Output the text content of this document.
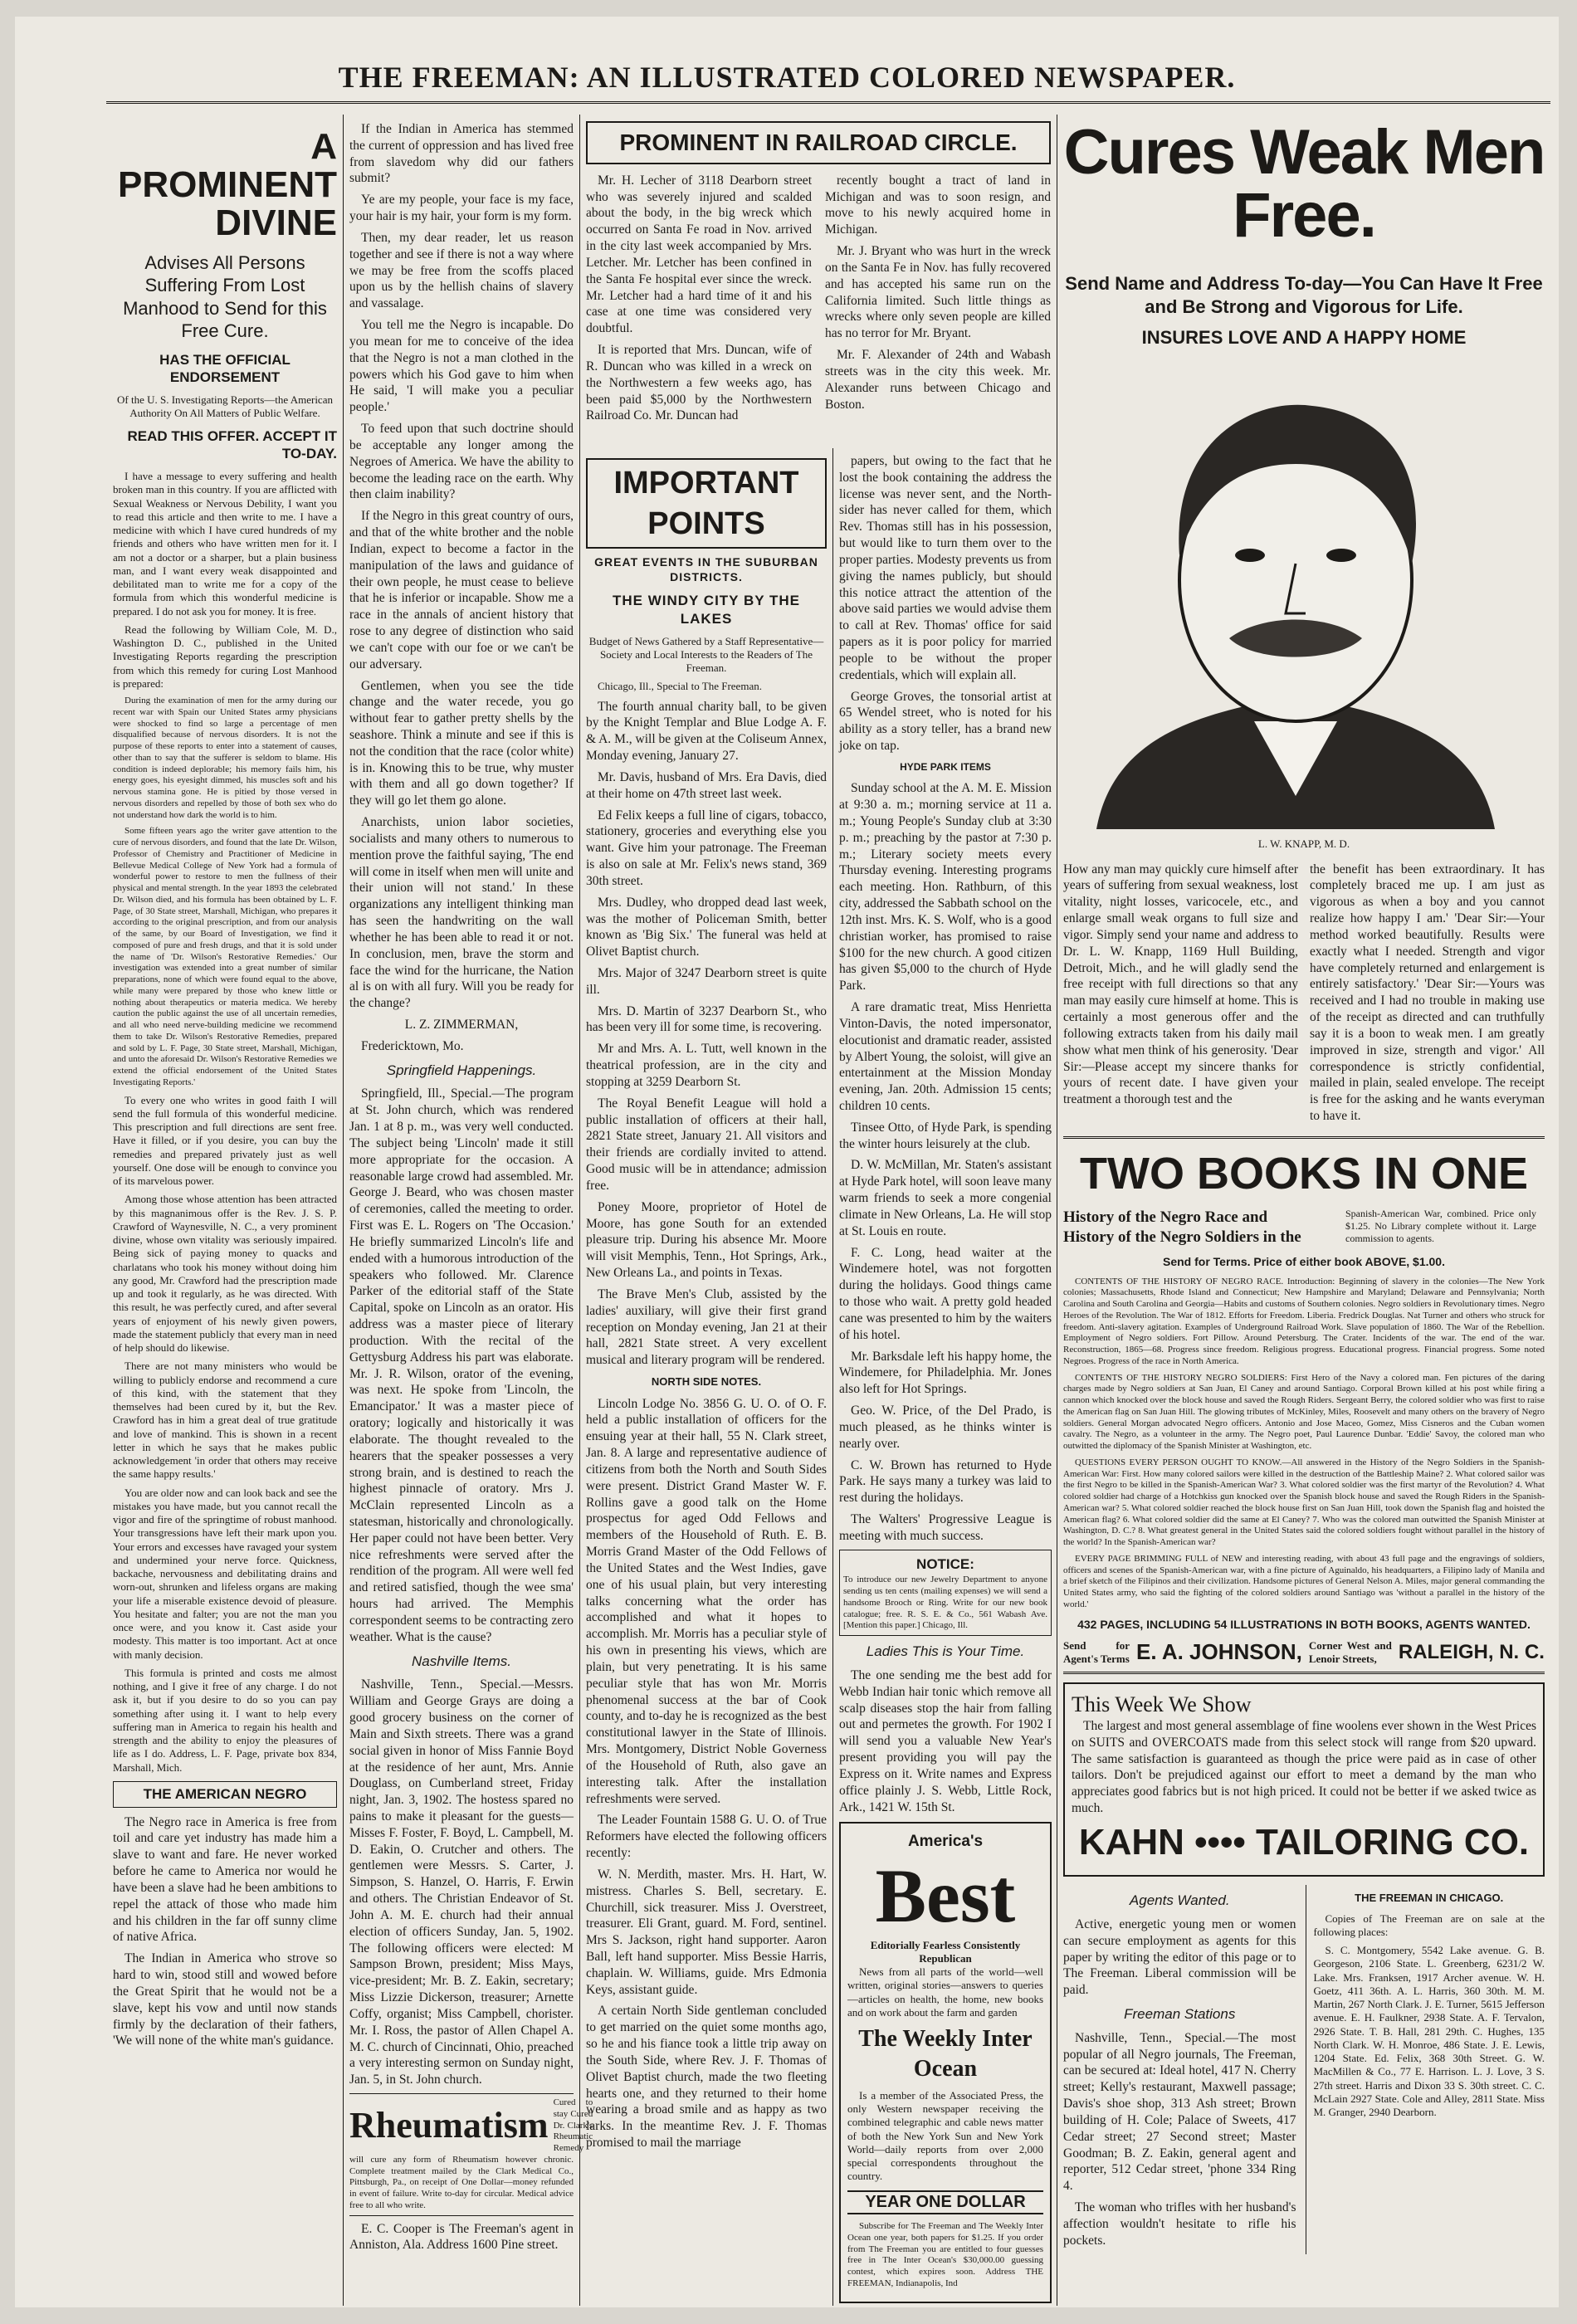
THE FREEMAN: AN ILLUSTRATED COLORED NEWSPAPER.
A PROMINENT DIVINE
Advises All Persons Suffering From Lost Manhood to Send for this Free Cure.
HAS THE OFFICIAL ENDORSEMENT

Of the U. S. Investigating Reports—the American Authority On All Matters of Public Welfare.

READ THIS OFFER. ACCEPT IT TO-DAY.

I have a message to every suffering and health broken man in this country. If you are afflicted with Sexual Weakness or Nervous Debility, I want you to read this article and then write to me. I have a medicine with which I have cured hundreds of my friends and others who have written men for it. I am not a doctor or a sharper, but a plain business man, and I want every weak disappointed and debilitated man to write me for a copy of the formula from which this wonderful medicine is prepared. I do not ask you for money. It is free.

Read the following by William Cole, M. D., Washington D. C., published in the United Investigating Reports regarding the prescription from which this remedy for curing Lost Manhood is prepared:

During the examination of men for the army during our recent war with Spain our United States army physicians were shocked to find so large a percentage of men disqualified because of nervous disorders. It is not the purpose of these reports to enter into a statement of causes, other than to say that the sufferer is seldom to blame. His condition is indeed deplorable; his memory fails him, his energy goes, his eyesight dimmed, his muscles soft and his nervous stamina gone. He is pitied by those versed in nervous disorders and repelled by those of both sex who do not understand how dark the world is to him.

Some fifteen years ago the writer gave attention to the cure of nervous disorders, and found that the late Dr. Wilson, Professor of Chemistry and Practitioner of Medicine in Bellevue Medical College of New York had a formula of wonderful power to restore to men the fullness of their physical and mental strength. In the year 1893 the celebrated Dr. Wilson died, and his formula has been obtained by L. F. Page, of 30 State street, Marshall, Michigan, who prepares it according to the original prescription, and from our analysis of the same, by our Board of Investigation, we find it composed of pure and fresh drugs, and that it is sold under the name of 'Dr. Wilson's Restorative Remedies.' Our investigation was extended into a great number of similar preparations, none of which were found equal to the above, while many were prepared by those who knew little or nothing about therapeutics or materia medica. We hereby caution the public against the use of all uncertain remedies, and all who need nerve-building medicine we recommend them to take Dr. Wilson's Restorative Remedies, prepared and sold by L. F. Page, 30 State street, Marshall, Michigan, and unto the aforesaid Dr. Wilson's Restorative Remedies we extend the official endorsement of the United States Investigating Reports.'

To every one who writes in good faith I will send the full formula of this wonderful medicine. This prescription and full directions are sent free. Have it filled, or if you desire, you can buy the remedies and prepared privately just as well yourself. One dose will be enough to convince you of its marvelous power.

Among those whose attention has been attracted by this magnanimous offer is the Rev. J. S. P. Crawford of Waynesville, N. C., a very prominent divine, whose own vitality was seriously impaired. Being sick of paying money to quacks and charlatans who took his money without doing him any good, Mr. Crawford had the prescription made up and took it regularly, as he was directed. With this result, he was perfectly cured, and after several years of enjoyment of his newly given powers, made the statement publicly that every man in need of help should do likewise.

There are not many ministers who would be willing to publicly endorse and recommend a cure of this kind, with the statement that they themselves had been cured by it, but the Rev. Crawford has in him a great deal of true gratitude and love of mankind. This is shown in a recent letter in which he says that he makes public acknowledgement 'in order that others may receive the same happy results.'

You are older now and can look back and see the mistakes you have made, but you cannot recall the vigor and fire of the springtime of robust manhood. Your transgressions have left their mark upon you. Your errors and excesses have ravaged your system and undermined your nerve force. Quickness, backache, nervousness and debilitating drains and worn-out, shrunken and lifeless organs are making your life a miserable existence devoid of pleasure. You hesitate and falter; you are not the man you once were, and you know it. Cast aside your modesty. This matter is too important. Act at once with manly decision.

This formula is printed and costs me almost nothing, and I give it free of any charge. I do not ask it, but if you desire to do so you can pay something after using it. I want to help every suffering man in America to regain his health and strength and the ability to enjoy the pleasures of life as I do. Address, L. F. Page, private box 834, Marshall, Mich.

THE AMERICAN NEGRO

The Negro race in America is free from toil and care yet industry has made him a slave to want and fare. He never worked before he came to America nor would he have been a slave had he been ambitions to repel the attack of those who made him and his children in the far off sunny clime of native Africa.

The Indian in America who strove so hard to win, stood still and wowed before the Great Spirit that he would not be a slave, kept his vow and until now stands firmly by the declaration of their fathers, 'We will none of the white man's guidance.

If the Indian in America has stemmed the current of oppression and has lived free from slavedom why did our fathers submit?

Ye are my people, your face is my face, your hair is my hair, your form is my form.

Then, my dear reader, let us reason together and see if there is not a way where we may be free from the scoffs placed upon us by the hellish chains of slavery and vassalage.

You tell me the Negro is incapable. Do you mean for me to conceive of the idea that the Negro is not a man clothed in the powers which his God gave to him when He said, 'I will make you a peculiar people.'

To feed upon that such doctrine should be acceptable any longer among the Negroes of America. We have the ability to become the leading race on the earth. Why then claim inability?

If the Negro in this great country of ours, and that of the white brother and the noble Indian, expect to become a factor in the manipulation of the laws and guidance of their own people, he must cease to believe that he is inferior or incapable. Show me a race in the annals of ancient history that rose to any degree of distinction who said we can't cope with our foe or we can't be our adversary.

Gentlemen, when you see the tide change and the water recede, you go without fear to gather pretty shells by the seashore. Think a minute and see if this is not the condition that the race (color white) is in. Knowing this to be true, why muster with them and all go down together? If they will go let them go alone.

Anarchists, union labor societies, socialists and many others to numerous to mention prove the faithful saying, 'The end will come in itself when men will unite and their union will not stand.' In these organizations any intelligent thinking man has seen the handwriting on the wall whether he has been able to read it or not. In conclusion, men, brave the storm and face the wind for the hurricane, the Nation al is on with all fury. Will you be ready for the change?

L. Z. ZIMMERMAN,

Fredericktown, Mo.

Springfield Happenings.

Springfield, Ill., Special.—The program at St. John church, which was rendered Jan. 1 at 8 p. m., was very well conducted. The subject being 'Lincoln' made it still more appropriate for the occasion. A reasonable large crowd had assembled. Mr. George J. Beard, who was chosen master of ceremonies, called the meeting to order. First was E. L. Rogers on 'The Occasion.' He briefly summarized Lincoln's life and ended with a humorous introduction of the speakers who followed. Mr. Clarence Parker of the editorial staff of the State Capital, spoke on Lincoln as an orator. His address was a master piece of literary production. With the recital of the Gettysburg Address his part was elaborate. Mr. J. R. Wilson, orator of the evening, was next. He spoke from 'Lincoln, the Emancipator.' It was a master piece of oratory; logically and historically it was elaborate. The thought revealed to the hearers that the speaker possesses a very strong brain, and is destined to reach the highest pinnacle of oratory. Mrs J. McClain represented Lincoln as a statesman, historically and chronologically. Her paper could not have been better. Very nice refreshments were served after the rendition of the program. All were well fed and retired satisfied, though the wee sma' hours had arrived. The Memphis correspondent seems to be contracting zero weather. What is the cause?

Nashville Items.

Nashville, Tenn., Special.—Messrs. William and George Grays are doing a good grocery business on the corner of Main and Sixth streets. There was a grand social given in honor of Miss Fannie Boyd at the residence of her aunt, Mrs. Annie Douglass, on Cumberland street, Friday night, Jan. 3, 1902. The hostess spared no pains to make it pleasant for the guests—Misses F. Foster, F. Boyd, L. Campbell, M. D. Eakin, O. Crutcher and others. The gentlemen were Messrs. S. Carter, J. Simpson, S. Hanzel, O. Harris, F. Erwin and others. The Christian Endeavor of St. John A. M. E. church had their annual election of officers Sunday, Jan. 5, 1902. The following officers were elected: M Sampson Brown, president; Miss Mays, vice-president; Mr. B. Z. Eakin, secretary; Miss Lizzie Dickerson, treasurer; Arnette Coffy, organist; Miss Campbell, chorister. Mr. I. Ross, the pastor of Allen Chapel A. M. C. church of Cincinnati, Ohio, preached a very interesting sermon on Sunday night, Jan. 5, in St. John church.

Rheumatism
Cured to stay Cured Dr. Clark's Rheumatic Remedy
will cure any form of Rheumatism however chronic. Complete treatment mailed by the Clark Medical Co., Pittsburgh, Pa., on receipt of One Dollar—money refunded in event of failure. Write to-day for circular. Medical advice free to all who write.

E. C. Cooper is The Freeman's agent in Anniston, Ala. Address 1600 Pine street.

PROMINENT IN RAILROAD CIRCLE.

Mr. H. Lecher of 3118 Dearborn street who was severely injured and scalded about the body, in the big wreck which occurred on Santa Fe road in Nov. arrived in the city last week accompanied by Mrs. Letcher. Mr. Letcher has been confined in the Santa Fe hospital ever since the wreck. Mr. Letcher had a hard time of it and his case at one time was considered very doubtful.

It is reported that Mrs. Duncan, wife of R. Duncan who was killed in a wreck on the Northwestern a few weeks ago, has been paid $5,000 by the Northwestern Railroad Co. Mr. Duncan had

recently bought a tract of land in Michigan and was to soon resign, and move to his newly acquired home in Michigan.

Mr. J. Bryant who was hurt in the wreck on the Santa Fe in Nov. has fully recovered and has accepted his same run on the California limited. Such little things as wrecks where only seven people are killed has no terror for Mr. Bryant.

Mr. F. Alexander of 24th and Wabash streets was in the city this week. Mr. Alexander runs between Chicago and Boston.

IMPORTANT POINTS
GREAT EVENTS IN THE SUBURBAN DISTRICTS.
THE WINDY CITY BY THE LAKES

Budget of News Gathered by a Staff Representative—Society and Local Interests to the Readers of The Freeman.

Chicago, Ill., Special to The Freeman.

The fourth annual charity ball, to be given by the Knight Templar and Blue Lodge A. F. & A. M., will be given at the Coliseum Annex, Monday evening, January 27.

Mr. Davis, husband of Mrs. Era Davis, died at their home on 47th street last week.

Ed Felix keeps a full line of cigars, tobacco, stationery, groceries and everything else you want. Give him your patronage. The Freeman is also on sale at Mr. Felix's news stand, 369 30th street.

Mrs. Dudley, who dropped dead last week, was the mother of Policeman Smith, better known as 'Big Six.' The funeral was held at Olivet Baptist church.

Mrs. Major of 3247 Dearborn street is quite ill.

Mrs. D. Martin of 3237 Dearborn St., who has been very ill for some time, is recovering.

Mr and Mrs. A. L. Tutt, well known in the theatrical profession, are in the city and stopping at 3259 Dearborn St.

The Royal Benefit League will hold a public installation of officers at their hall, 2821 State street, January 21. All visitors and their friends are cordially invited to attend. Good music will be in attendance; admission free.

Poney Moore, proprietor of Hotel de Moore, has gone South for an extended pleasure trip. During his absence Mr. Moore will visit Memphis, Tenn., Hot Springs, Ark., New Orleans La., and points in Texas.

The Brave Men's Club, assisted by the ladies' auxiliary, will give their first grand reception on Monday evening, Jan 21 at their hall, 2821 State street. A very excellent musical and literary program will be rendered.

NORTH SIDE NOTES.

Lincoln Lodge No. 3856 G. U. O. of O. F. held a public installation of officers for the ensuing year at their hall, 55 N. Clark street, Jan. 8. A large and representative audience of citizens from both the North and South Sides were present. District Grand Master W. F. Rollins gave a good talk on the Home prospectus for aged Odd Fellows and members of the Household of Ruth. E. B. Morris Grand Master of the Odd Fellows of the United States and the West Indies, gave one of his usual plain, but very interesting talks concerning what the order has accomplished and what it hopes to accomplish. Mr. Morris has a peculiar style of his own in presenting his views, which are plain, but very penetrating. It is his same peculiar style that has won Mr. Morris phenomenal success at the bar of Cook county, and to-day he is recognized as the best constitutional lawyer in the State of Illinois. Mrs. Montgomery, District Noble Governess of the Household of Ruth, also gave an interesting talk. After the installation refreshments were served.

The Leader Fountain 1588 G. U. O. of True Reformers have elected the following officers recently:

W. N. Merdith, master. Mrs. H. Hart, W. mistress. Charles S. Bell, secretary. E. Churchill, sick treasurer. Miss J. Overstreet, treasurer. Eli Grant, guard. M. Ford, sentinel. Mrs S. Jackson, right hand supporter. Aaron Ball, left hand supporter. Miss Bessie Harris, chaplain. W. Williams, guide. Mrs Edmonia Keys, assistant guide.

A certain North Side gentleman concluded to get married on the quiet some months ago, so he and his fiance took a little trip away on the South Side, where Rev. J. F. Thomas of Olivet Baptist church, made the two fleeting hearts one, and they returned to their home wearing a broad smile and as happy as two larks. In the meantime Rev. J. F. Thomas promised to mail the marriage

papers, but owing to the fact that he lost the book containing the address the license was never sent, and the North-sider has never called for them, which Rev. Thomas still has in his possession, but would like to turn them over to the proper parties. Modesty prevents us from giving the names publicly, but should this notice attract the attention of the above said parties we would advise them to call at Rev. Thomas' office for said papers as it is poor policy for married people to be without the proper credentials, which will explain all.

George Groves, the tonsorial artist at 65 Wendel street, who is noted for his ability as a story teller, has a brand new joke on tap.

HYDE PARK ITEMS

Sunday school at the A. M. E. Mission at 9:30 a. m.; morning service at 11 a. m.; Young People's Sunday club at 3:30 p. m.; preaching by the pastor at 7:30 p. m.; Literary society meets every Thursday evening. Interesting programs each meeting. Hon. Rathburn, of this city, addressed the Sabbath school on the 12th inst. Mrs. K. S. Wolf, who is a good christian worker, has promised to raise $100 for the new church. A good citizen has given $5,000 to the church of Hyde Park.

A rare dramatic treat, Miss Henrietta Vinton-Davis, the noted impersonator, elocutionist and dramatic reader, assisted by Albert Young, the soloist, will give an entertainment at the Mission Monday evening, Jan. 20th. Admission 15 cents; children 10 cents.

Tinsee Otto, of Hyde Park, is spending the winter hours leisurely at the club.

D. W. McMillan, Mr. Staten's assistant at Hyde Park hotel, will soon leave many warm friends to seek a more congenial climate in New Orleans, La. He will stop at St. Louis en route.

F. C. Long, head waiter at the Windemere hotel, was not forgotten during the holidays. Good things came to those who wait. A pretty gold headed cane was presented to him by the waiters of his hotel.

Mr. Barksdale left his happy home, the Windemere, for Philadelphia. Mr. Jones also left for Hot Springs.

Geo. W. Price, of the Del Prado, is much pleased, as he thinks winter is nearly over.

C. W. Brown has returned to Hyde Park. He says many a turkey was laid to rest during the holidays.

The Walters' Progressive League is meeting with much success.

NOTICE:
To introduce our new Jewelry Department to anyone sending us ten cents (mailing expenses) we will send a handsome Brooch or Ring. Write for our new book catalogue; free. R. S. E. & Co., 561 Wabash Ave. [Mention this paper.] Chicago, Ill.
Ladies This is Your Time.

The one sending me the best add for Webb Indian hair tonic which remove all scalp diseases stop the hair from falling out and permetes the growth. For 1902 I will send you a valuable New Year's present providing you will pay the Express on it. Write names and Express office plainly J. S. Webb, Little Rock, Ark., 1421 W. 15th St.

America's
Best
Editorially Fearless Consistently Republican

News from all parts of the world—well written, original stories—answers to queries—articles on health, the home, new books and on work about the farm and garden

The Weekly Inter Ocean

Is a member of the Associated Press, the only Western newspaper receiving the combined telegraphic and cable news matter of both the New York Sun and New York World—daily reports from over 2,000 special correspondents throughout the country.

YEAR ONE DOLLAR

Subscribe for The Freeman and The Weekly Inter Ocean one year, both papers for $1.25. If you order from The Freeman you are entitled to four guesses free in The Inter Ocean's $30,000.00 guessing contest, which expires soon. Address THE FREEMAN, Indianapolis, Ind

Cures Weak Men Free.
Send Name and Address To-day—You Can Have It Free and Be Strong and Vigorous for Life.
INSURES LOVE AND A HAPPY HOME
L. W. KNAPP, M. D.
How any man may quickly cure himself after years of suffering from sexual weakness, lost vitality, night losses, varicocele, etc., and enlarge small weak organs to full size and vigor. Simply send your name and address to Dr. L. W. Knapp, 1169 Hull Building, Detroit, Mich., and he will gladly send the free receipt with full directions so that any man may easily cure himself at home. This is certainly a most generous offer and the following extracts taken from his daily mail show what men think of his generosity. 'Dear Sir:—Please accept my sincere thanks for yours of recent date. I have given your treatment a thorough test and the
the benefit has been extraordinary. It has completely braced me up. I am just as vigorous as when a boy and you cannot realize how happy I am.' 'Dear Sir:—Your method worked beautifully. Results were exactly what I needed. Strength and vigor have completely returned and enlargement is entirely satisfactory.' 'Dear Sir:—Yours was received and I had no trouble in making use of the receipt as directed and can truthfully say it is a boon to weak men. I am greatly improved in size, strength and vigor.' All correspondence is strictly confidential, mailed in plain, sealed envelope. The receipt is free for the asking and he wants everyman to have it.
TWO BOOKS IN ONE
History of the Negro Race and
History of the Negro Soldiers in the
Spanish-American War, combined. Price only $1.25. No Library complete without it. Large commission to agents.
Send for Terms. Price of either book ABOVE, $1.00.

CONTENTS OF THE HISTORY OF NEGRO RACE. Introduction: Beginning of slavery in the colonies—The New York colonies; Massachusetts, Rhode Island and Connecticut; New Hampshire and Maryland; Delaware and Pennsylvania; North Carolina and South Carolina and Georgia—Habits and customs of Southern colonies. Negro soldiers in Revolutionary times. Negro Heroes of the Revolution. The War of 1812. Efforts for Freedom. Liberia. Fredrick Douglas. Nat Turner and others who struck for freedom. Anti-slavery agitation. Examples of Underground Railroad Work. Slave population of 1860. The War of the Rebellion. Employment of Negro soldiers. Fort Pillow. Around Petersburg. The Crater. Incidents of the war. The end of the war. Reconstruction, 1865—68. Progress since freedom. Religious progress. Educational progress. Financial progress. Some noted Negroes. Progress of the race in North America.

CONTENTS OF THE HISTORY NEGRO SOLDIERS: First Hero of the Navy a colored man. Fen pictures of the daring charges made by Negro soldiers at San Juan, El Caney and around Santiago. Corporal Brown killed at his post while firing a cannon which knocked over the block house and saved the Rough Riders. Sergeant Berry, the colored soldier who was first to raise the American flag on San Juan Hill. The glowing tributes of McKinley, Miles, Roosevelt and many others on the bravery of Negro soldiers. General Morgan advocated Negro officers. Antonio and Jose Maceo, Gomez, Miss Cisneros and the Cuban women cavalry. The Negro, as a volunteer in the army. The Negro poet, Paul Laurence Dunbar. 'Eddie' Savoy, the colored man who outwitted the diplomacy of the Spanish Minister at Washington, etc.

QUESTIONS EVERY PERSON OUGHT TO KNOW.—All answered in the History of the Negro Soldiers in the Spanish-American War: First. How many colored sailors were killed in the destruction of the Battleship Maine? 2. What colored sailor was the first Negro to be killed in the Spanish-American War? 3. What colored soldier was the first martyr of the Revolution? 4. What colored soldier had charge of a Hotchkiss gun knocked over the Spanish block house and saved the Rough Riders in the Spanish-American war? 5. What colored soldier reached the block house first on San Juan Hill, took down the Spanish flag and hoisted the American flag? 6. What colored soldier did the same at El Caney? 7. Who was the colored man outwitted the Spanish Minister at Washington, D. C.? 8. What greatest general in the United States said the colored soldiers fought without parallel in the history of the world? In the Spanish-American war?

EVERY PAGE BRIMMING FULL of NEW and interesting reading, with about 43 full page and the engravings of soldiers, officers and scenes of the Spanish-American war, with a fine picture of Aguinaldo, his headquarters, a Filipino lady of Manila and a brief sketch of the Filipinos and their civilization. Handsome pictures of General Nelson A. Miles, major general commanding the United States army, who said the fighting of the colored soldiers around Santiago was 'without a parallel in the history of the world.'

432 PAGES, INCLUDING 54 ILLUSTRATIONS IN BOTH BOOKS, AGENTS WANTED.
Send for Agent's Terms E. A. JOHNSON, Corner West and Lenoir Streets,	RALEIGH, N. C.
This Week We Show

The largest and most general assemblage of fine woolens ever shown in the West Prices on SUITS and OVERCOATS made from this select stock will range from $20 upward. The same satisfaction is guaranteed as though the price were paid as in case of other tailors. Don't be prejudiced against our effort to meet a demand by the man who appreciates good fabrics but is not high priced. It could not be better if we asked twice as much.

KAHN •••• TAILORING CO.
Agents Wanted.

Active, energetic young men or women can secure employment as agents for this paper by writing the editor of this page or to The Freeman. Liberal commission will be paid.

Freeman Stations

Nashville, Tenn., Special.—The most popular of all Negro journals, The Freeman, can be secured at: Ideal hotel, 417 N. Cherry street; Kelly's restaurant, Maxwell passage; Davis's shoe shop, 313 Ash street; Brown building of H. Cole; Palace of Sweets, 417 Cedar street; 27 Second street; Master Goodman; B. Z. Eakin, general agent and reporter, 512 Cedar street, 'phone 334 Ring 4.

The woman who trifles with her husband's affection wouldn't hesitate to rifle his pockets.

THE FREEMAN IN CHICAGO.

Copies of The Freeman are on sale at the following places:

S. C. Montgomery, 5542 Lake avenue. G. B. Georgeson, 2106 State. L. Greenberg, 6231/2 W. Lake. Mrs. Franksen, 1917 Archer avenue. W. H. Goetz, 411 36th. A. L. Harris, 360 30th. M. M. Martin, 267 North Clark. J. E. Turner, 5615 Jefferson avenue. E. H. Faulkner, 2938 State. A. F. Tervalon, 2926 State. T. B. Hall, 281 29th. C. Hughes, 135 North Clark. W. H. Monroe, 486 State. J. E. Lewis, 1204 State. Ed. Felix, 368 30th Street. G. W. MacMillen & Co., 77 E. Harrison. L. J. Love, 3 S. 27th street. Harris and Dixon 33 S. 30th street. C. C. McLain 2927 State. Cole and Alley, 2811 State. Miss M. Granger, 2940 Dearborn.
